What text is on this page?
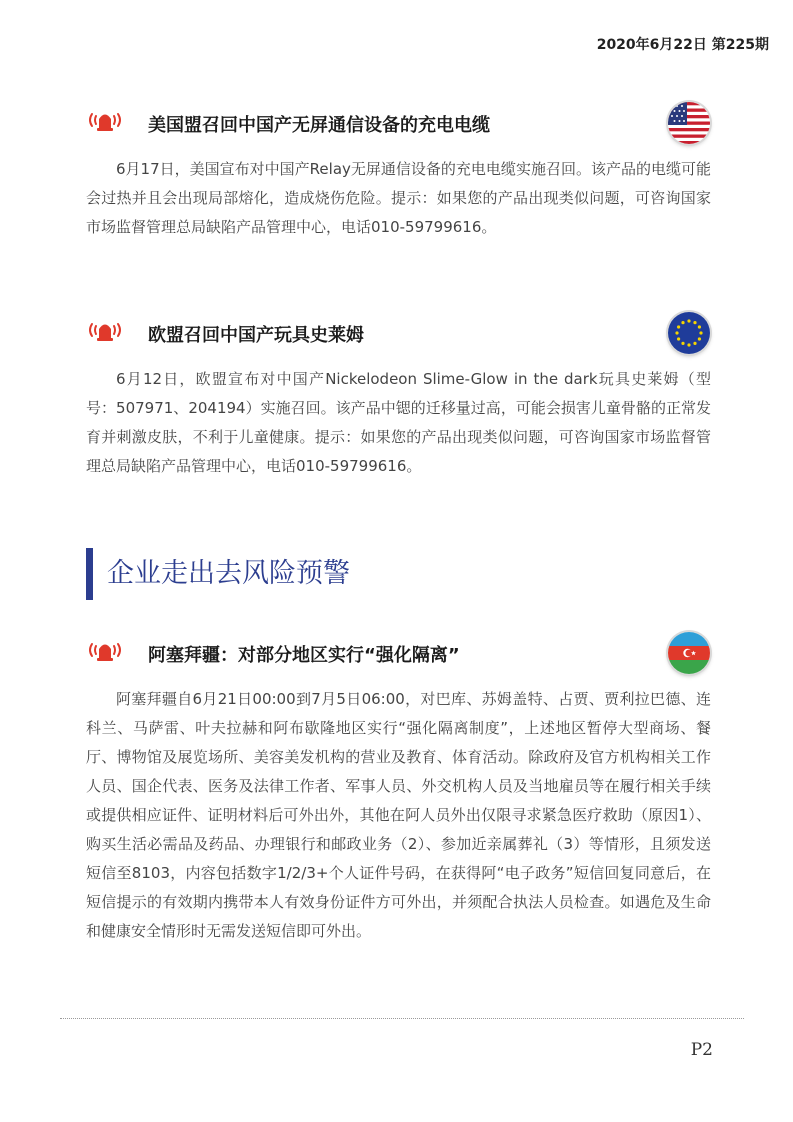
2020年6月22日 第225期
美国盟召回中国产无屏通信设备的充电电缆
6月17日，美国宣布对中国产Relay无屏通信设备的充电电缆实施召回。该产品的电缆可能会过热并且会出现局部熔化，造成烧伤危险。提示：如果您的产品出现类似问题，可咨询国家市场监督管理总局缺陷产品管理中心，电话010-59799616。
欧盟召回中国产玩具史莱姆
6月12日，欧盟宣布对中国产Nickelodeon Slime-Glow in the dark玩具史莱姆（型号：507971、204194）实施召回。该产品中锶的迁移量过高，可能会损害儿童骨骼的正常发育并刺激皮肤，不利于儿童健康。提示：如果您的产品出现类似问题，可咨询国家市场监督管理总局缺陷产品管理中心，电话010-59799616。
企业走出去风险预警
阿塞拜疆：对部分地区实行“强化隔离”
阿塞拜疆自6月21日00:00到7月5日06:00，对巴库、苏姆盖特、占贾、贾利拉巴德、连科兰、马萨雷、叶夫拉赫和阿布歇隆地区实行“强化隔离制度”，上述地区暂停大型商场、餐厅、博物馆及展览场所、美容美发机构的营业及教育、体育活动。除政府及官方机构相关工作人员、国企代表、医务及法律工作者、军事人员、外交机构人员及当地雇员等在履行相关手续或提供相应证件、证明材料后可外出外，其他在阿人员外出仅限寻求紧急医疗救助（原因1）、购买生活必需品及药品、办理银行和邮政业务（2）、参加近亲属葬礼（3）等情形，且须发送短信至8103，内容包括数字1/2/3+个人证件号码，在获得阿“电子政务”短信回复同意后，在短信提示的有效期内携带本人有效身份证件方可外出，并须配合执法人员检查。如遇危及生命和健康安全情形时无需发送短信即可外出。
P2
